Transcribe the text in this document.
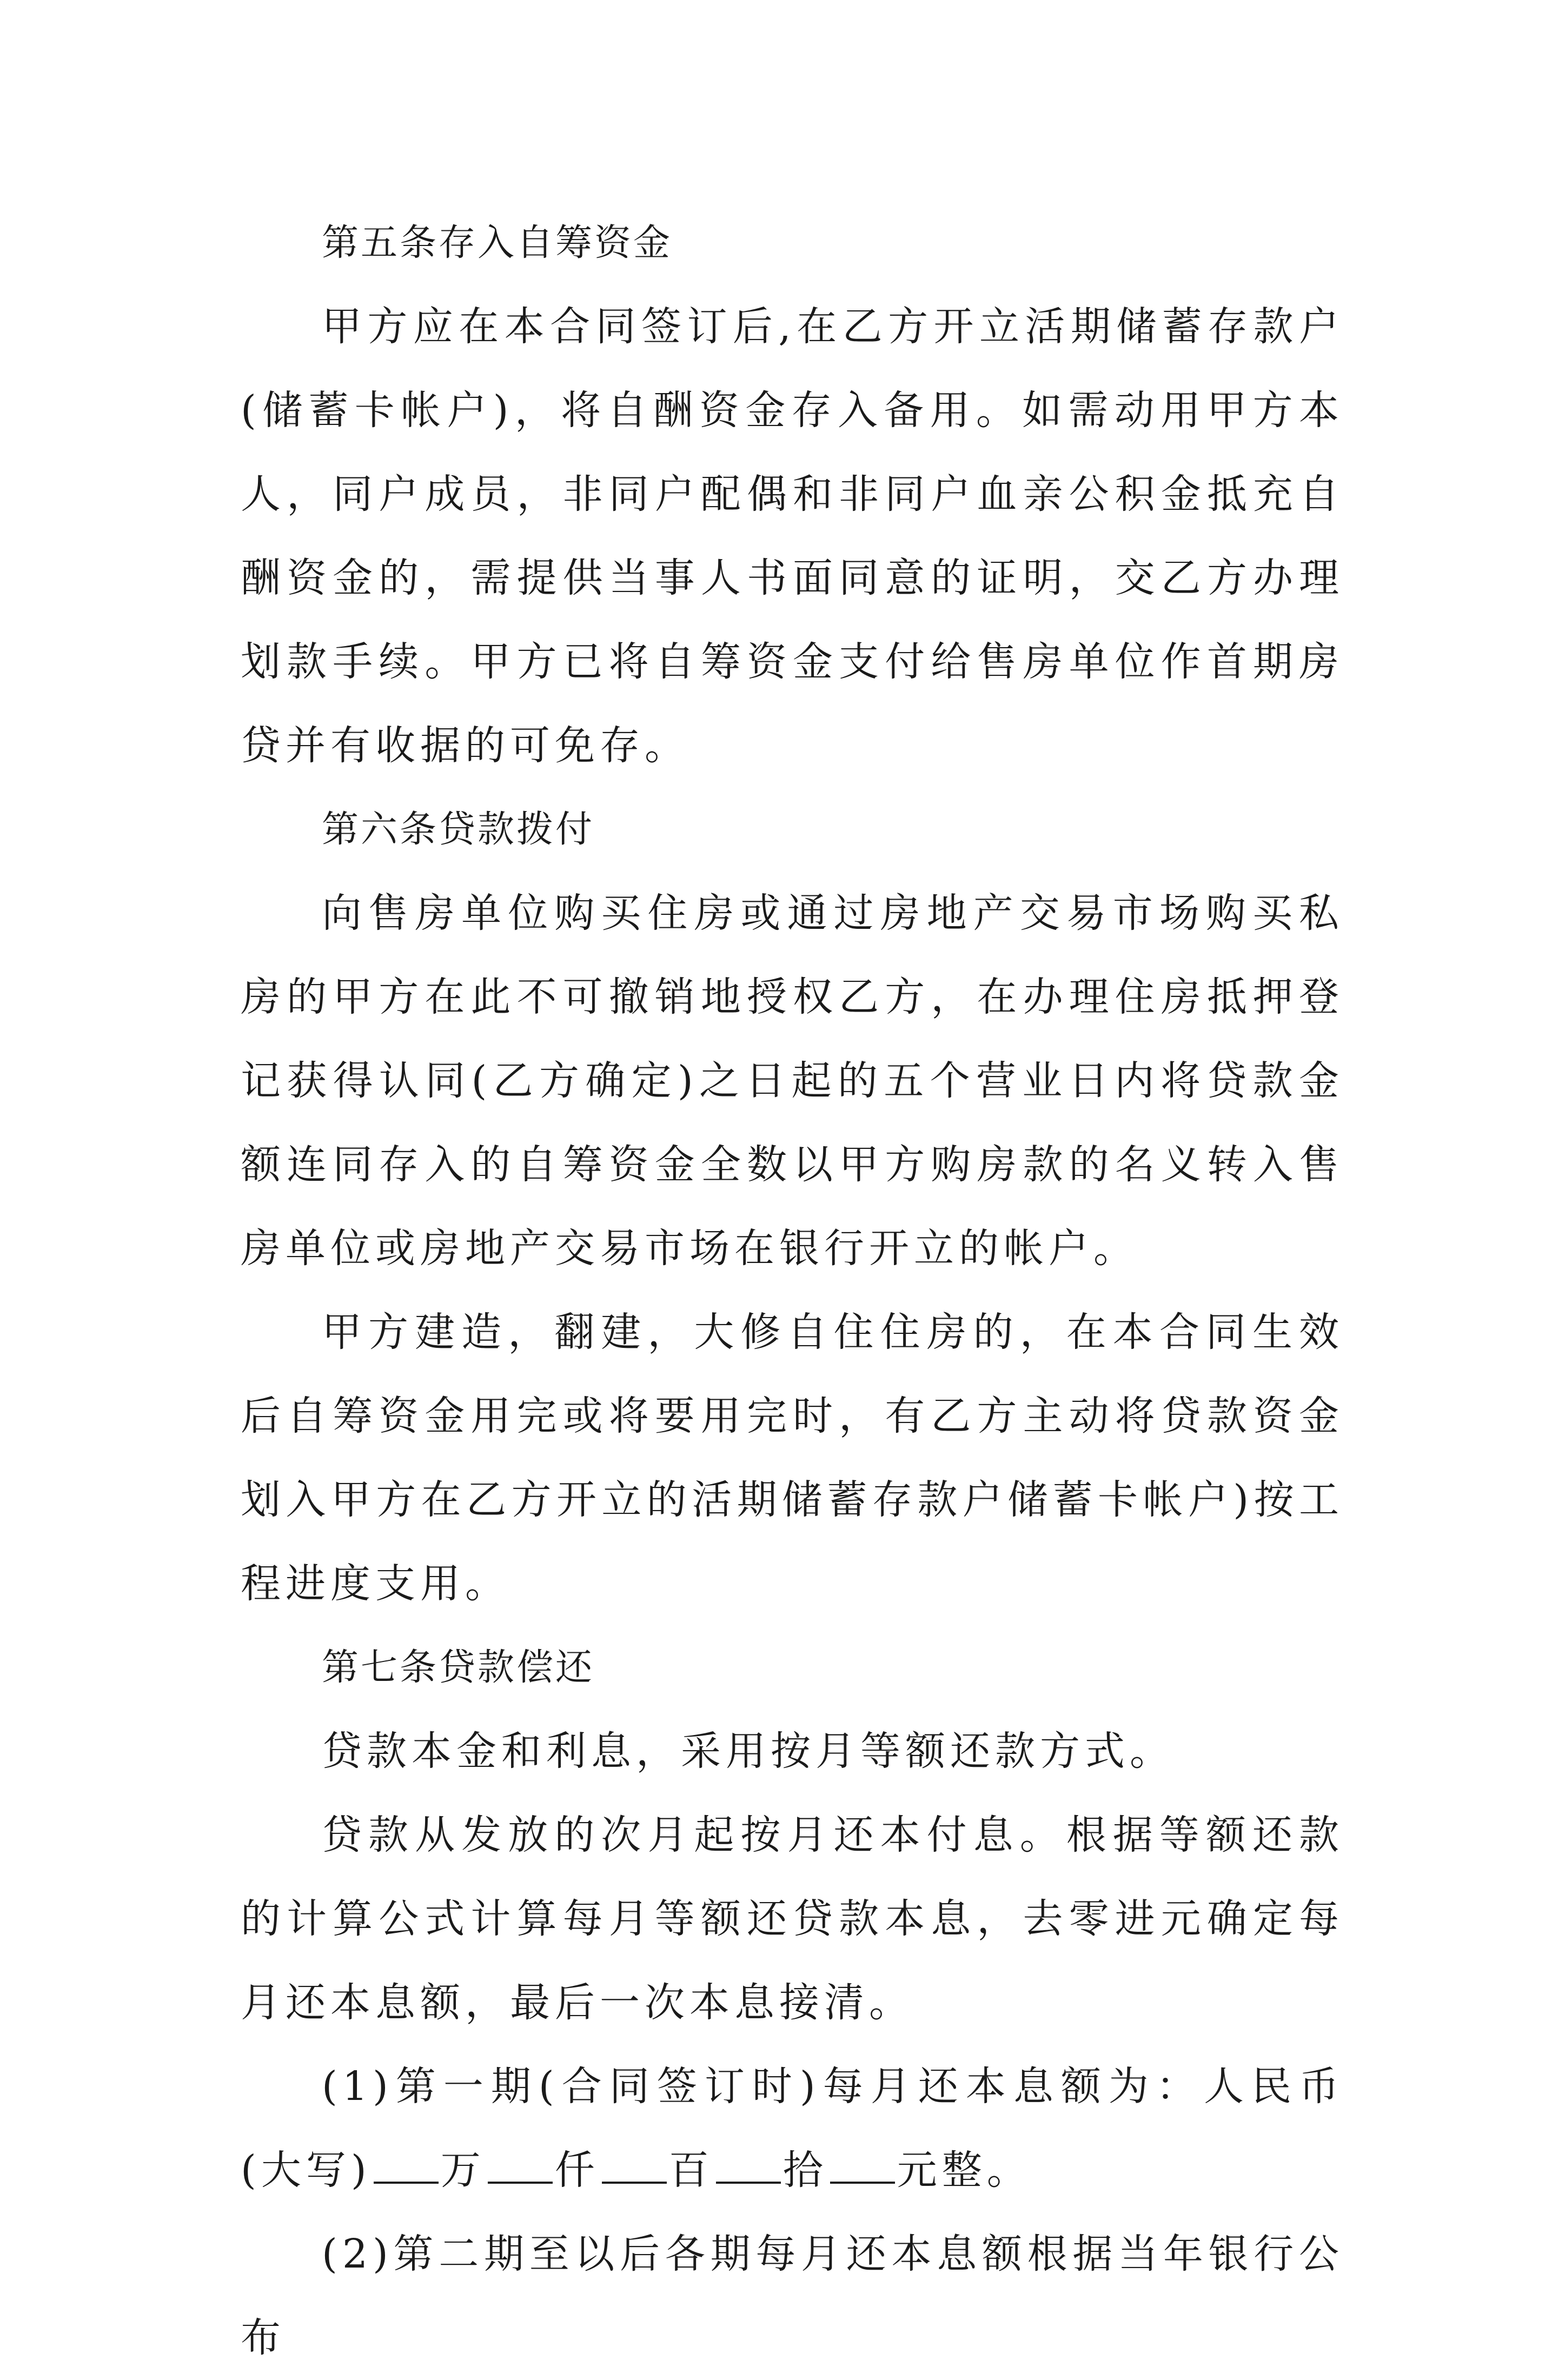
第五条存入自筹资金

甲方应在本合同签订后,在乙方开立活期储蓄存款户(储蓄卡帐户)，将自酬资金存入备用。如需动用甲方本人，同户成员，非同户配偶和非同户血亲公积金抵充自酬资金的，需提供当事人书面同意的证明，交乙方办理划款手续。甲方已将自筹资金支付给售房单位作首期房贷并有收据的可免存。

第六条贷款拨付

向售房单位购买住房或通过房地产交易市场购买私房的甲方在此不可撤销地授权乙方，在办理住房抵押登记获得认同(乙方确定)之日起的五个营业日内将贷款金额连同存入的自筹资金全数以甲方购房款的名义转入售房单位或房地产交易市场在银行开立的帐户。

甲方建造，翻建，大修自住住房的，在本合同生效后自筹资金用完或将要用完时，有乙方主动将贷款资金划入甲方在乙方开立的活期储蓄存款户储蓄卡帐户)按工程进度支用。

第七条贷款偿还

贷款本金和利息，采用按月等额还款方式。

贷款从发放的次月起按月还本付息。根据等额还款的计算公式计算每月等额还贷款本息，去零进元确定每月还本息额，最后一次本息接清。

(1)第一期(合同签订时)每月还本息额为：人民币(大写) 万 仟 百 拾 元整。

(2)第二期至以后各期每月还本息额根据当年银行公布
